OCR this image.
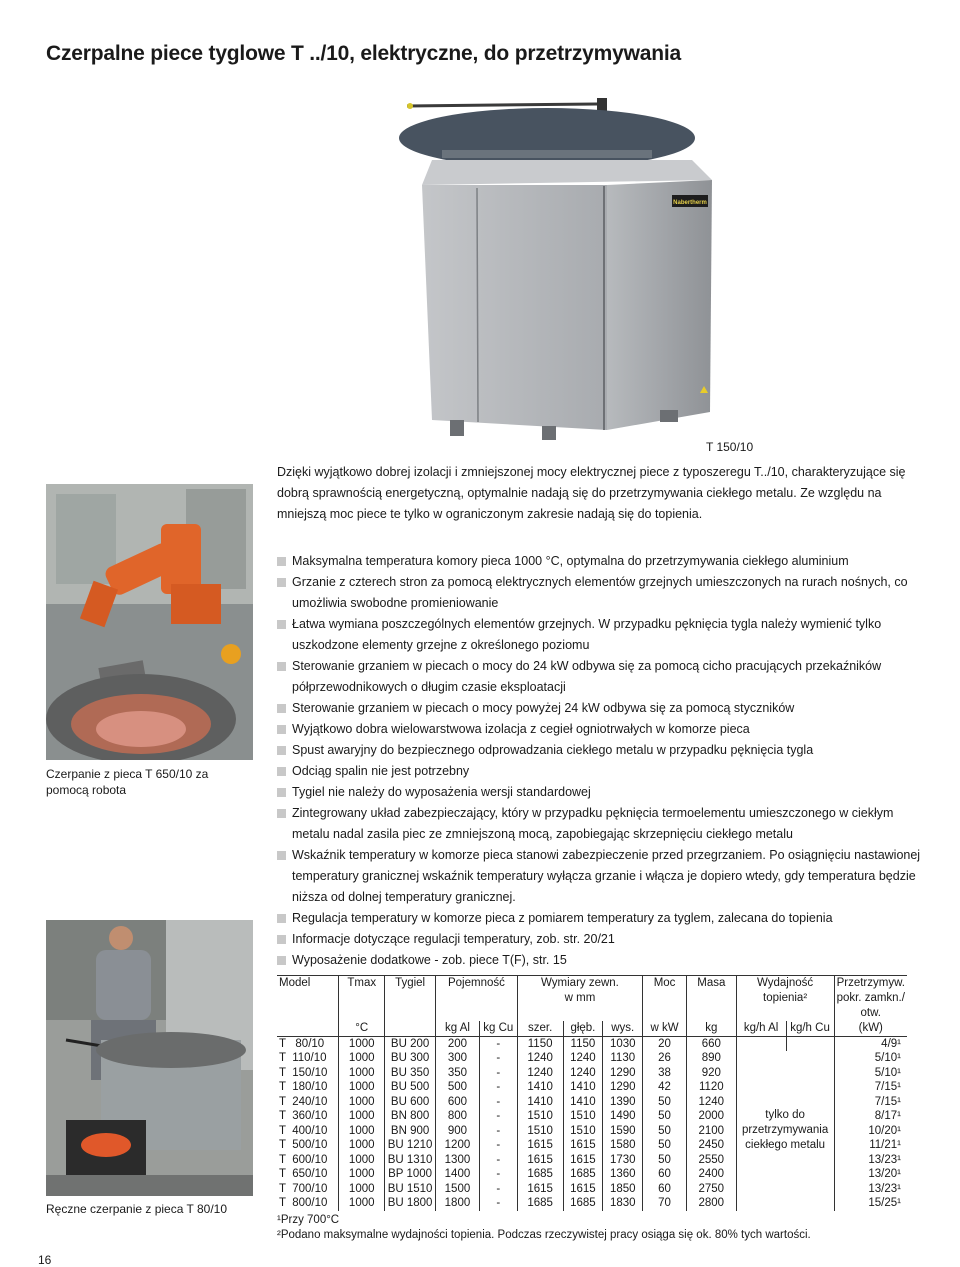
Czerpalne piece tyglowe T ../10, elektryczne, do przetrzymywania
Nabertherm
T 150/10

Dzięki wyjątkowo dobrej izolacji i zmniejszonej mocy elektrycznej piece z typoszeregu T../10, charakteryzujące się dobrą sprawnością energetyczną, optymalnie nadają się do przetrzymywania ciekłego metalu. Ze względu na mniejszą moc piece te tylko w ograniczonym zakresie nadają się do topienia.

Czerpanie z pieca T 650/10 za pomocą robota
Ręczne czerpanie z pieca T 80/10
Maksymalna temperatura komory pieca 1000 °C, optymalna do przetrzymywania ciekłego aluminium
Grzanie z czterech stron za pomocą elektrycznych elementów grzejnych umieszczonych na rurach nośnych, co umożliwia swobodne promieniowanie
Łatwa wymiana poszczególnych elementów grzejnych. W przypadku pęknięcia tygla należy wymienić tylko uszkodzone elementy grzejne z określonego poziomu
Sterowanie grzaniem w piecach o mocy do 24 kW odbywa się za pomocą cicho pracujących przekaźników półprzewodnikowych o długim czasie eksploatacji
Sterowanie grzaniem w piecach o mocy powyżej 24 kW odbywa się za pomocą styczników
Wyjątkowo dobra wielowarstwowa izolacja z cegieł ogniotrwałych w komorze pieca
Spust awaryjny do bezpiecznego odprowadzania ciekłego metalu w przypadku pęknięcia tygla
Odciąg spalin nie jest potrzebny
Tygiel nie należy do wyposażenia wersji standardowej
Zintegrowany układ zabezpieczający, który w przypadku pęknięcia termoelementu umieszczonego w ciekłym metalu nadal zasila piec ze zmniejszoną mocą, zapobiegając skrzepnięciu ciekłego metalu
Wskaźnik temperatury w komorze pieca stanowi zabezpieczenie przed przegrzaniem. Po osiągnięciu nastawionej temperatury granicznej wskaźnik temperatury wyłącza grzanie i włącza je dopiero wtedy, gdy temperatura będzie niższa od dolnej temperatury granicznej.
Regulacja temperatury w komorze pieca z pomiarem temperatury za tyglem, zalecana do topienia
Informacje dotyczące regulacji temperatury, zob. str. 20/21
Wyposażenie dodatkowe - zob. piece T(F), str. 15
Model	Tmax	Tygiel	Pojemność		Wymiary zewn.
w mm			Moc	Masa	Wydajność topienia²		Przetrzymyw. pokr. zamkn./ otw.
	°C		kg Al	kg Cu	szer.	głęb.	wys.	w kW	kg	kg/h Al	kg/h Cu	(kW)
T   80/10	1000	BU 200	200	-	1150	1150	1030	20	660			4/9¹
T  110/10	1000	BU 300	300	-	1240	1240	1130	26	890	tylko do przetrzymywania ciekłego metalu		5/10¹
T  150/10	1000	BU 350	350	-	1240	1240	1290	38	920			5/10¹
T  180/10	1000	BU 500	500	-	1410	1410	1290	42	1120			7/15¹
T  240/10	1000	BU 600	600	-	1410	1410	1390	50	1240			7/15¹
T  360/10	1000	BN 800	800	-	1510	1510	1490	50	2000			8/17¹
T  400/10	1000	BN 900	900	-	1510	1510	1590	50	2100			10/20¹
T  500/10	1000	BU 1210	1200	-	1615	1615	1580	50	2450			11/21¹
T  600/10	1000	BU 1310	1300	-	1615	1615	1730	50	2550			13/23¹
T  650/10	1000	BP 1000	1400	-	1685	1685	1360	60	2400			13/20¹
T  700/10	1000	BU 1510	1500	-	1615	1615	1850	60	2750			13/23¹
T  800/10	1000	BU 1800	1800	-	1685	1685	1830	70	2800			15/25¹
¹Przy 700°C
²Podano maksymalne wydajności topienia. Podczas rzeczywistej pracy osiąga się ok. 80% tych wartości.
16
